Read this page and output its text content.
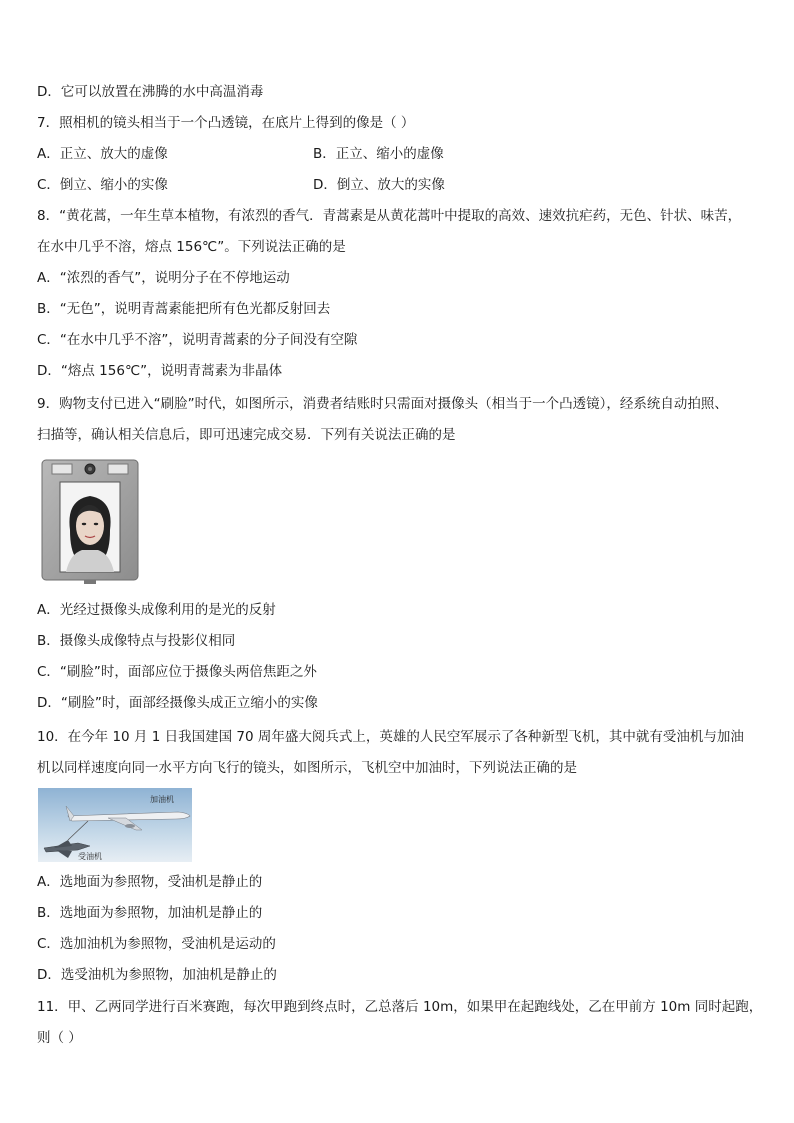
D．它可以放置在沸腾的水中高温消毒
7．照相机的镜头相当于一个凸透镜，在底片上得到的像是（ ）
A．正立、放大的虚像	B．正立、缩小的虚像
C．倒立、缩小的实像	D．倒立、放大的实像
8．“黄花蒿，一年生草本植物，有浓烈的香气．青蒿素是从黄花蒿叶中提取的高效、速效抗疟药，无色、针状、味苦，
在水中几乎不溶，熔点 156℃”。下列说法正确的是
A．“浓烈的香气”，说明分子在不停地运动
B．“无色”，说明青蒿素能把所有色光都反射回去
C．“在水中几乎不溶”，说明青蒿素的分子间没有空隙
D．“熔点 156℃”，说明青蒿素为非晶体
9．购物支付已进入“刷脸”时代，如图所示，消费者结账时只需面对摄像头（相当于一个凸透镜），经系统自动拍照、
扫描等，确认相关信息后，即可迅速完成交易．下列有关说法正确的是
A．光经过摄像头成像利用的是光的反射
B．摄像头成像特点与投影仪相同
C．“刷脸”时，面部应位于摄像头两倍焦距之外
D．“刷脸”时，面部经摄像头成正立缩小的实像
10．在今年 10 月 1 日我国建国 70 周年盛大阅兵式上，英雄的人民空军展示了各种新型飞机，其中就有受油机与加油
机以同样速度向同一水平方向飞行的镜头，如图所示，飞机空中加油时，下列说法正确的是
加油机
受油机
A．选地面为参照物，受油机是静止的
B．选地面为参照物，加油机是静止的
C．选加油机为参照物，受油机是运动的
D．选受油机为参照物，加油机是静止的
11．甲、乙两同学进行百米赛跑，每次甲跑到终点时，乙总落后 10m，如果甲在起跑线处，乙在甲前方 10m 同时起跑，
则（ ）
